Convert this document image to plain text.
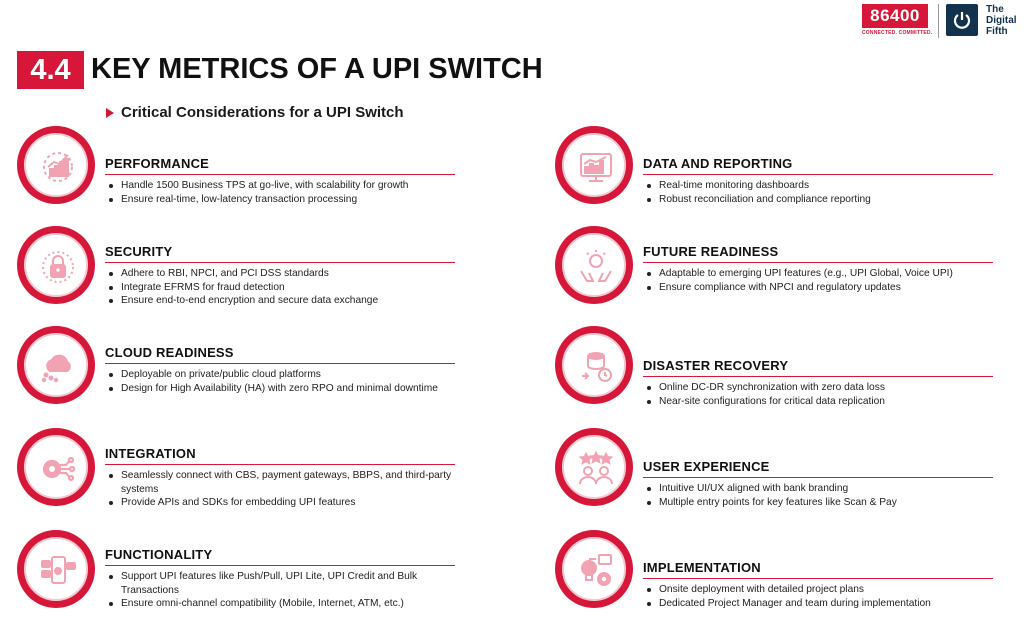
86400
CONNECTED. COMMITTED.
The
Digital
Fifth
4.4 KEY METRICS OF A UPI SWITCH
Critical Considerations for a UPI Switch
PERFORMANCE
Handle 1500 Business TPS at go-live, with scalability for growth
Ensure real-time, low-latency transaction processing
SECURITY
Adhere to RBI, NPCI, and PCI DSS standards
Integrate EFRMS for fraud detection
Ensure end-to-end encryption and secure data exchange
CLOUD READINESS
Deployable on private/public cloud platforms
Design for High Availability (HA) with zero RPO and minimal downtime
INTEGRATION
Seamlessly connect with CBS, payment gateways, BBPS, and third-party systems
Provide APIs and SDKs for embedding UPI features
FUNCTIONALITY
Support UPI features like Push/Pull, UPI Lite, UPI Credit and Bulk Transactions
Ensure omni-channel compatibility (Mobile, Internet, ATM, etc.)
DATA AND REPORTING
Real-time monitoring dashboards
Robust reconciliation and compliance reporting
FUTURE READINESS
Adaptable to emerging UPI features (e.g., UPI Global, Voice UPI)
Ensure compliance with NPCI and regulatory updates
DISASTER RECOVERY
Online DC-DR synchronization with zero data loss
Near-site configurations for critical data replication
USER EXPERIENCE
Intuitive UI/UX aligned with bank branding
Multiple entry points for key features like Scan & Pay
IMPLEMENTATION
Onsite deployment with detailed project plans
Dedicated Project Manager and team during implementation
